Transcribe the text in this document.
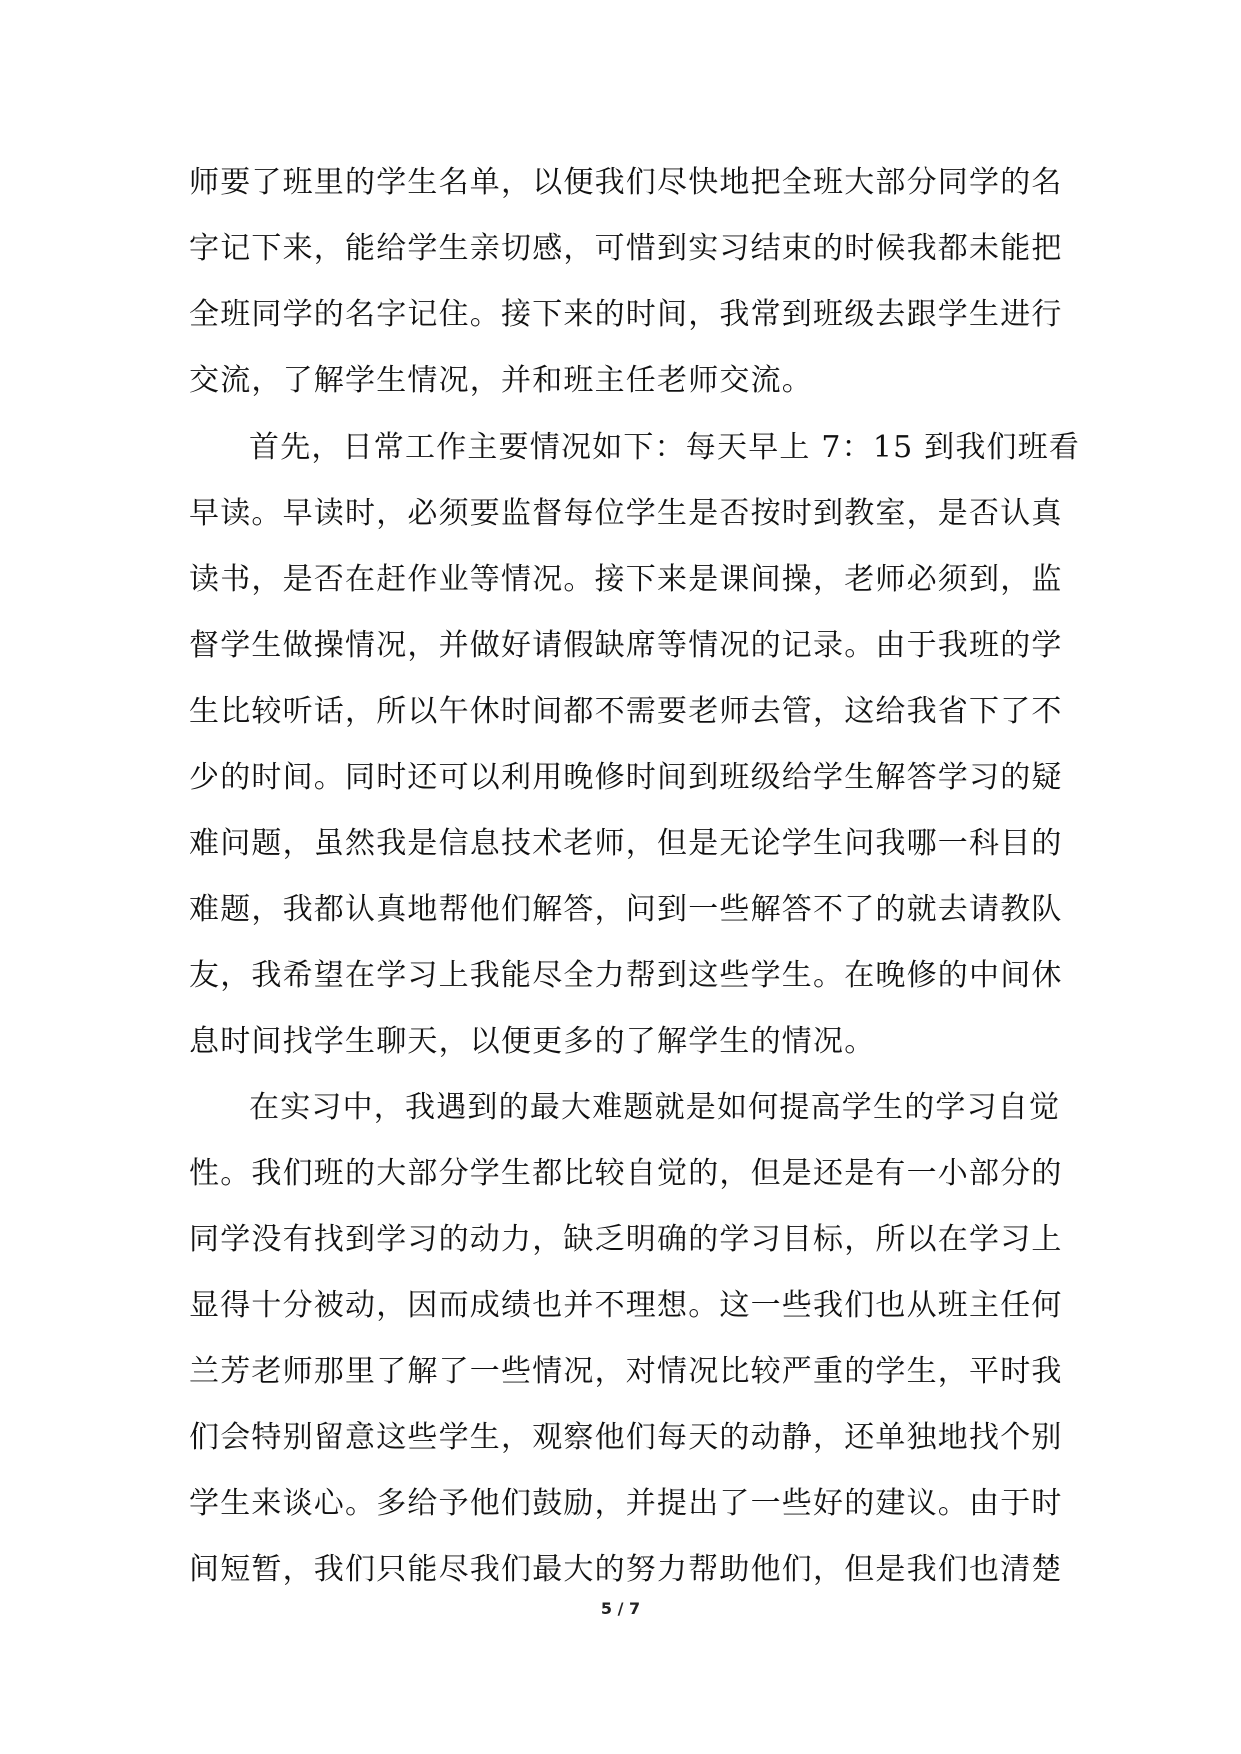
师要了班里的学生名单，以便我们尽快地把全班大部分同学的名
字记下来，能给学生亲切感，可惜到实习结束的时候我都未能把
全班同学的名字记住。接下来的时间，我常到班级去跟学生进行
交流，了解学生情况，并和班主任老师交流。
首先，日常工作主要情况如下：每天早上 7：15 到我们班看
早读。早读时，必须要监督每位学生是否按时到教室，是否认真
读书，是否在赶作业等情况。接下来是课间操，老师必须到，监
督学生做操情况，并做好请假缺席等情况的记录。由于我班的学
生比较听话，所以午休时间都不需要老师去管，这给我省下了不
少的时间。同时还可以利用晚修时间到班级给学生解答学习的疑
难问题，虽然我是信息技术老师，但是无论学生问我哪一科目的
难题，我都认真地帮他们解答，问到一些解答不了的就去请教队
友，我希望在学习上我能尽全力帮到这些学生。在晚修的中间休
息时间找学生聊天，以便更多的了解学生的情况。
在实习中，我遇到的最大难题就是如何提高学生的学习自觉
性。我们班的大部分学生都比较自觉的，但是还是有一小部分的
同学没有找到学习的动力，缺乏明确的学习目标，所以在学习上
显得十分被动，因而成绩也并不理想。这一些我们也从班主任何
兰芳老师那里了解了一些情况，对情况比较严重的学生，平时我
们会特别留意这些学生，观察他们每天的动静，还单独地找个别
学生来谈心。多给予他们鼓励，并提出了一些好的建议。由于时
间短暂，我们只能尽我们最大的努力帮助他们，但是我们也清楚
5 / 7
